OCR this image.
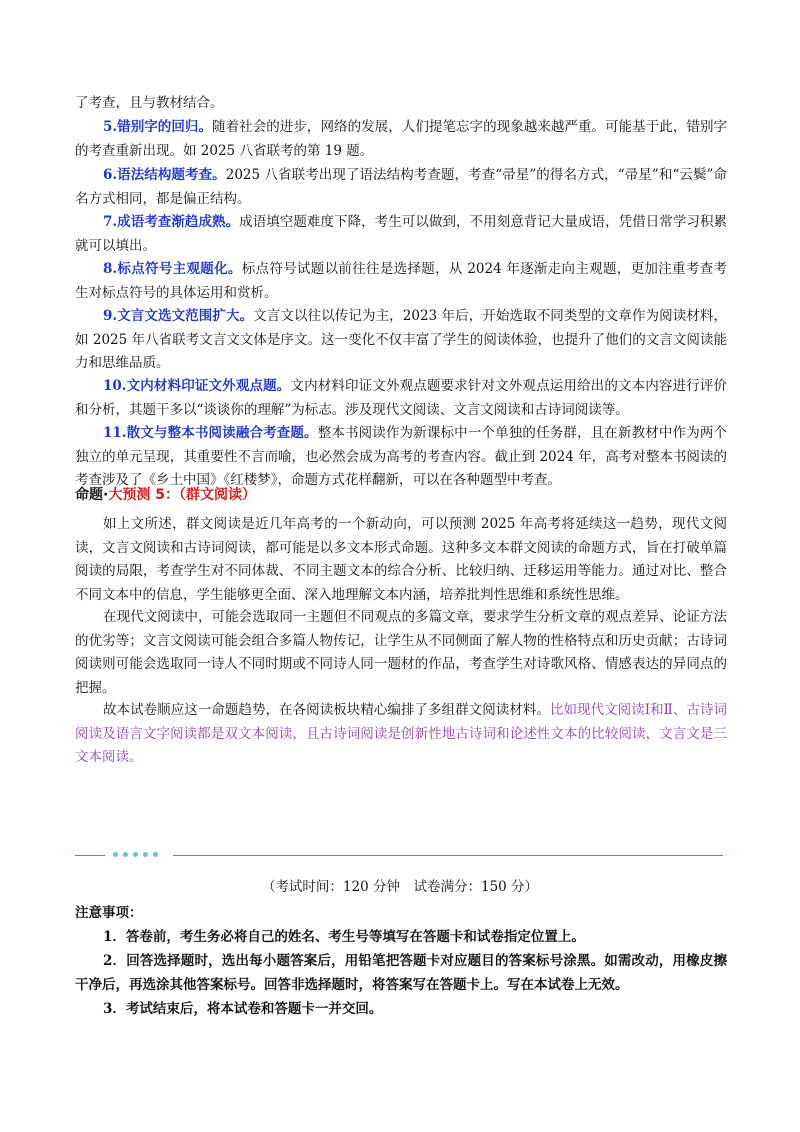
了考查，且与教材结合。

5.错别字的回归。随着社会的进步，网络的发展，人们提笔忘字的现象越来越严重。可能基于此，错别字的考查重新出现。如 2025 八省联考的第 19 题。

6.语法结构题考查。2025 八省联考出现了语法结构考查题，考查“帚星”的得名方式，“帚星”和“云鬓”命名方式相同，都是偏正结构。

7.成语考查渐趋成熟。成语填空题难度下降，考生可以做到，不用刻意背记大量成语，凭借日常学习积累就可以填出。

8.标点符号主观题化。标点符号试题以前往往是选择题，从 2024 年逐渐走向主观题，更加注重考查考生对标点符号的具体运用和赏析。

9.文言文选文范围扩大。文言文以往以传记为主，2023 年后，开始选取不同类型的文章作为阅读材料，如 2025 年八省联考文言文文体是序文。这一变化不仅丰富了学生的阅读体验，也提升了他们的文言文阅读能力和思维品质。

10.文内材料印证文外观点题。文内材料印证文外观点题要求针对文外观点运用给出的文本内容进行评价和分析，其题干多以“谈谈你的理解”为标志。涉及现代文阅读、文言文阅读和古诗词阅读等。

11.散文与整本书阅读融合考查题。整本书阅读作为新课标中一个单独的任务群，且在新教材中作为两个独立的单元呈现，其重要性不言而喻，也必然会成为高考的考查内容。截止到 2024 年，高考对整本书阅读的考查涉及了《乡土中国》《红楼梦》，命题方式花样翻新，可以在各种题型中考查。

命题·大预测 5：（群文阅读）

如上文所述，群文阅读是近几年高考的一个新动向，可以预测 2025 年高考将延续这一趋势，现代文阅读，文言文阅读和古诗词阅读，都可能是以多文本形式命题。这种多文本群文阅读的命题方式，旨在打破单篇阅读的局限，考查学生对不同体裁、不同主题文本的综合分析、比较归纳、迁移运用等能力。通过对比、整合不同文本中的信息，学生能够更全面、深入地理解文本内涵，培养批判性思维和系统性思维。

在现代文阅读中，可能会选取同一主题但不同观点的多篇文章，要求学生分析文章的观点差异、论证方法的优劣等；文言文阅读可能会组合多篇人物传记，让学生从不同侧面了解人物的性格特点和历史贡献；古诗词阅读则可能会选取同一诗人不同时期或不同诗人同一题材的作品，考查学生对诗歌风格、情感表达的异同点的把握。

故本试卷顺应这一命题趋势，在各阅读板块精心编排了多组群文阅读材料。比如现代文阅读Ⅰ和Ⅱ、古诗词阅读及语言文字阅读都是双文本阅读，且古诗词阅读是创新性地古诗词和论述性文本的比较阅读，文言文是三文本阅读。

（考试时间：120 分钟　试卷满分：150 分）

注意事项：

1．答卷前，考生务必将自己的姓名、考生号等填写在答题卡和试卷指定位置上。

2．回答选择题时，选出每小题答案后，用铅笔把答题卡对应题目的答案标号涂黑。如需改动，用橡皮擦干净后，再选涂其他答案标号。回答非选择题时，将答案写在答题卡上。写在本试卷上无效。

3．考试结束后，将本试卷和答题卡一并交回。
